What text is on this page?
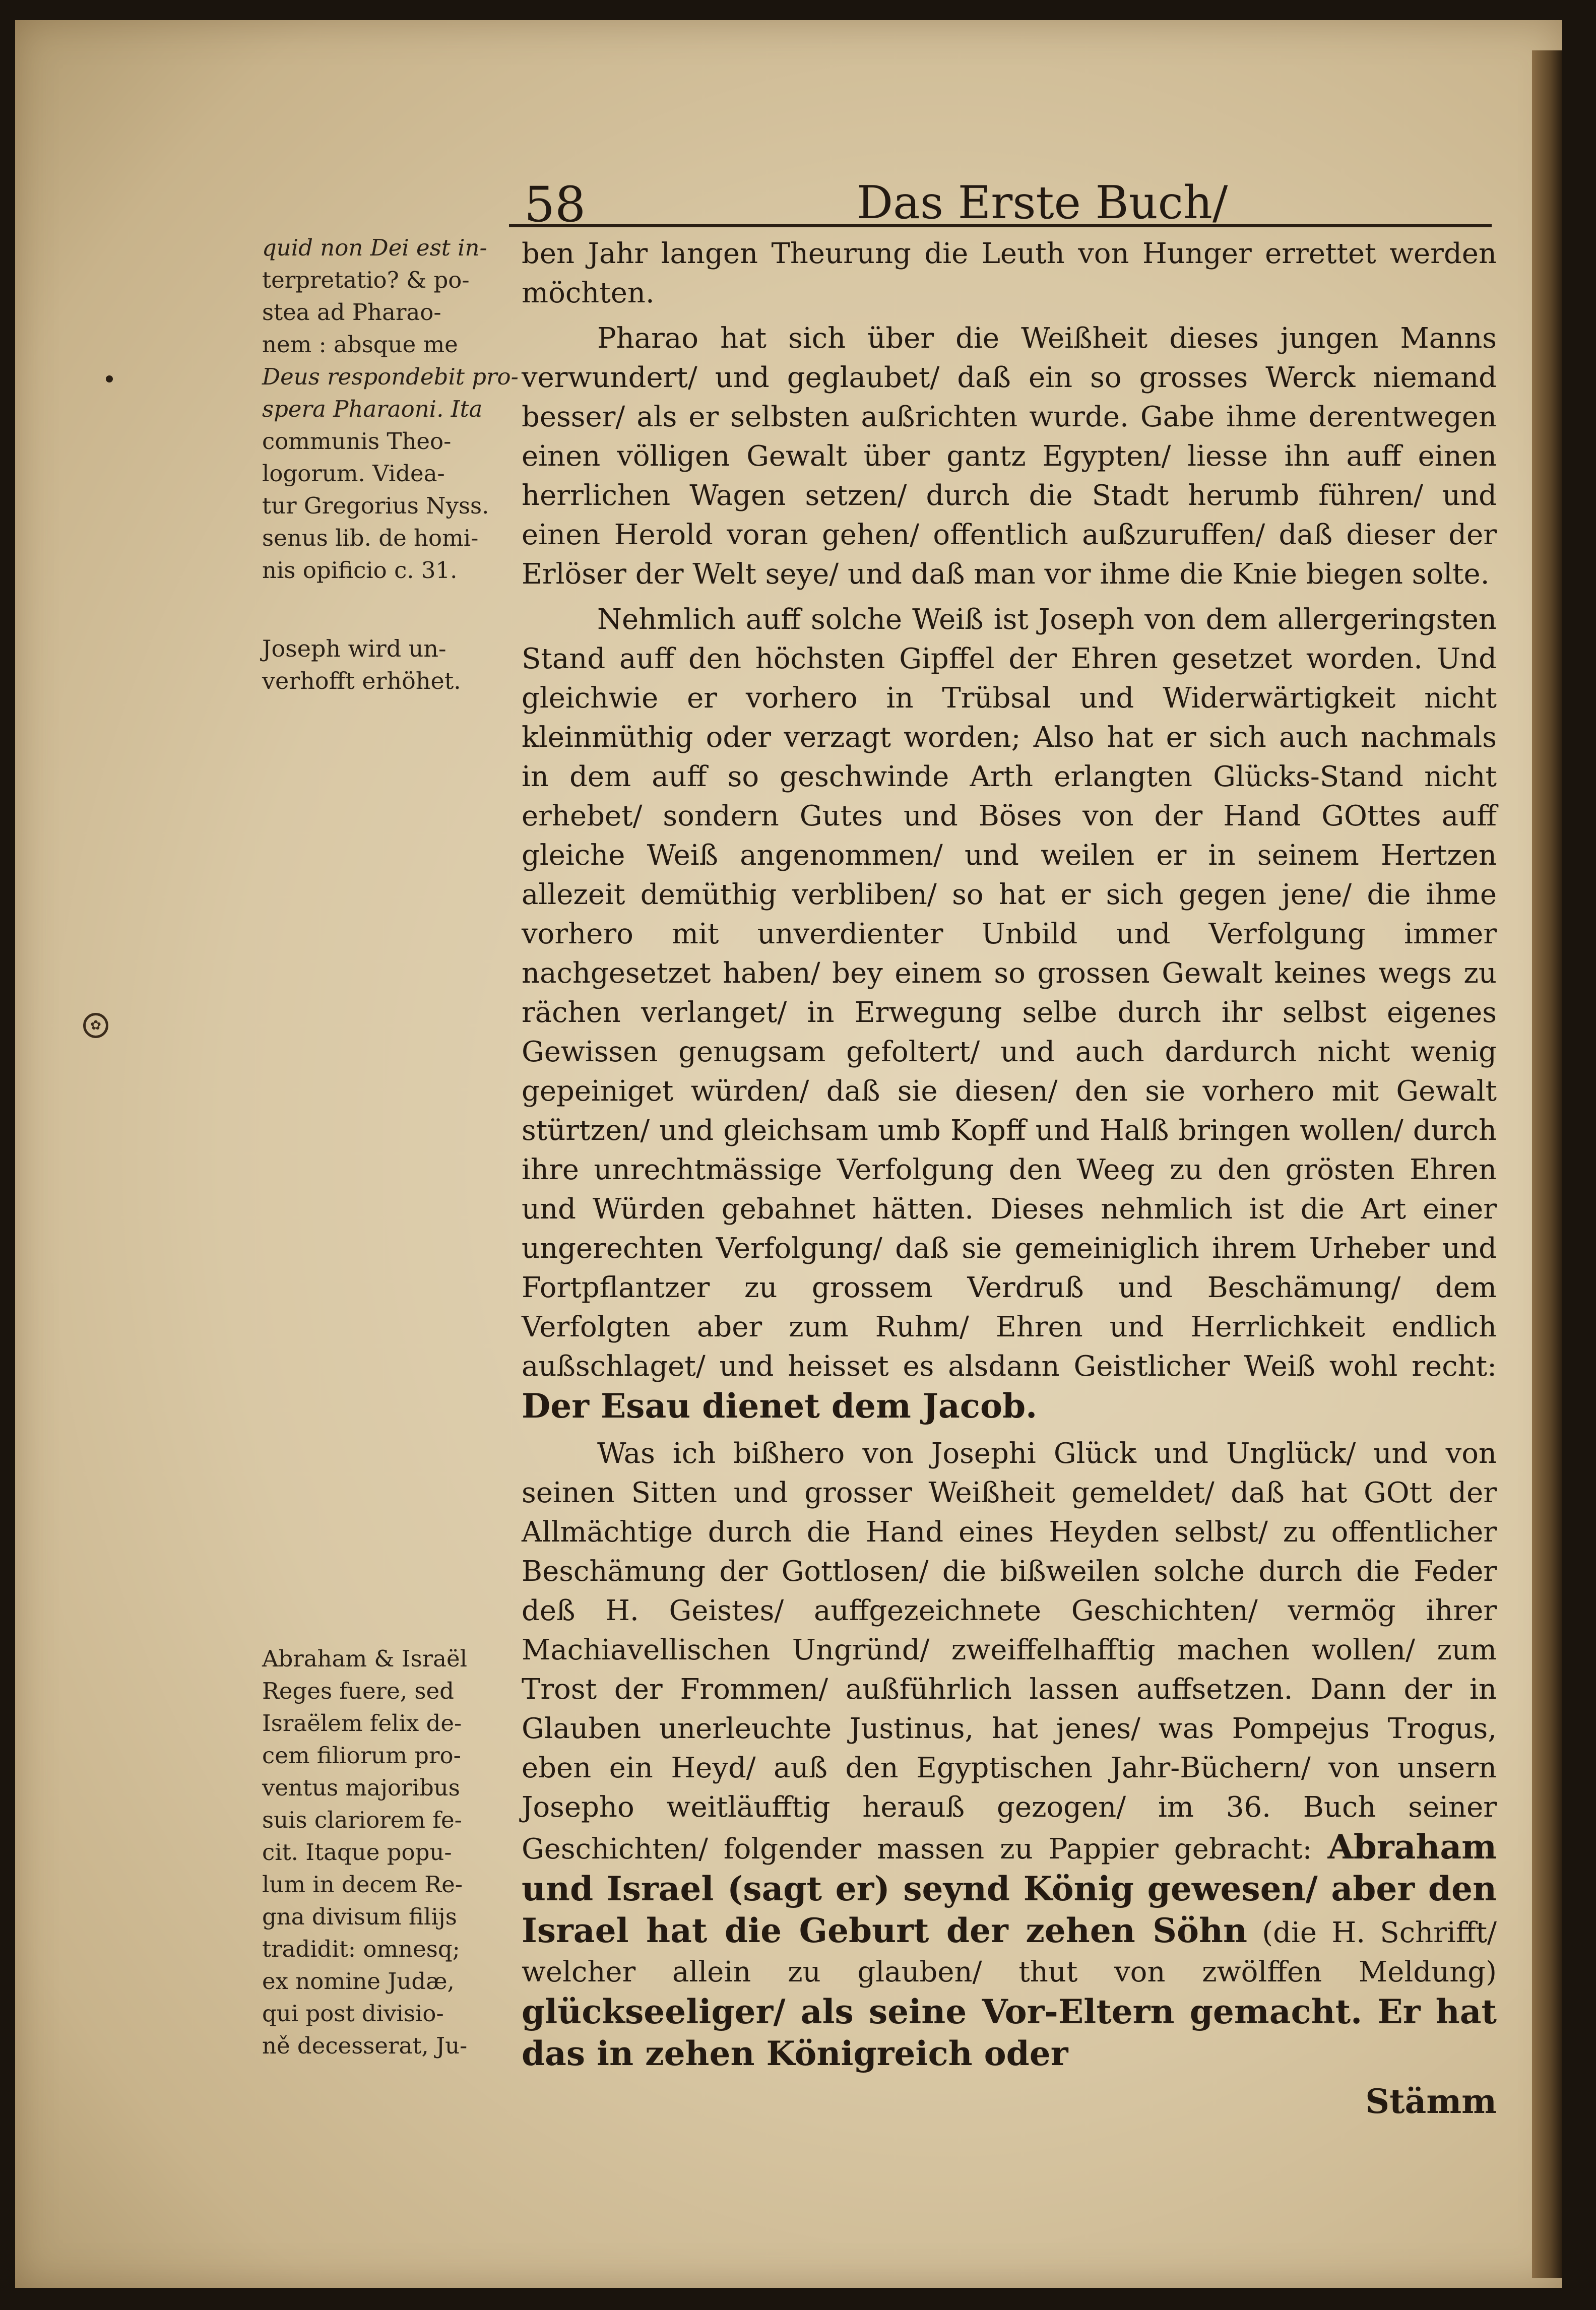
✿
58	Das Erste Buch/
quid non Dei est in-
terpretatio? & po-
stea ad Pharao-
nem : absque me
Deus respondebit pro-
spera Pharaoni. Ita
communis Theo-
logorum. Videa-
tur Gregorius Nyss.
senus lib. de homi-
nis opificio c. 31.
Joseph wird un-
verhofft erhöhet.
Abraham & Israël
Reges fuere, sed
Israëlem felix de-
cem filiorum pro-
ventus majoribus
suis clariorem fe-
cit. Itaque popu-
lum in decem Re-
gna divisum filijs
tradidit: omnesq;
ex nomine Judæ,
qui post divisio-
ně decesserat, Ju-

ben Jahr langen Theurung die Leuth von Hunger errettet werden möchten.

Pharao hat sich über die Weißheit dieses jungen Manns verwundert/ und geglaubet/ daß ein so grosses Werck niemand besser/ als er selbsten außrichten wurde. Gabe ihme derentwegen einen völligen Gewalt über gantz Egypten/ liesse ihn auff einen herrlichen Wagen setzen/ durch die Stadt herumb führen/ und einen Herold voran gehen/ offentlich außzuruffen/ daß dieser der Erlöser der Welt seye/ und daß man vor ihme die Knie biegen solte.

Nehmlich auff solche Weiß ist Joseph von dem allergeringsten Stand auff den höchsten Gipffel der Ehren gesetzet worden. Und gleichwie er vorhero in Trübsal und Widerwärtigkeit nicht kleinmüthig oder verzagt worden; Also hat er sich auch nachmals in dem auff so geschwinde Arth erlangten Glücks-Stand nicht erhebet/ sondern Gutes und Böses von der Hand GOttes auff gleiche Weiß angenommen/ und weilen er in seinem Hertzen allezeit demüthig verbliben/ so hat er sich gegen jene/ die ihme vorhero mit unverdienter Unbild und Verfolgung immer nachgesetzet haben/ bey einem so grossen Gewalt keines wegs zu rächen verlanget/ in Erwegung selbe durch ihr selbst eigenes Gewissen genugsam gefoltert/ und auch dardurch nicht wenig gepeiniget würden/ daß sie diesen/ den sie vorhero mit Gewalt stürtzen/ und gleichsam umb Kopff und Halß bringen wollen/ durch ihre unrechtmässige Verfolgung den Weeg zu den grösten Ehren und Würden gebahnet hätten. Dieses nehmlich ist die Art einer ungerechten Verfolgung/ daß sie gemeiniglich ihrem Urheber und Fortpflantzer zu grossem Verdruß und Beschämung/ dem Verfolgten aber zum Ruhm/ Ehren und Herrlichkeit endlich außschlaget/ und heisset es alsdann Geistlicher Weiß wohl recht: Der Esau dienet dem Jacob.

Was ich bißhero von Josephi Glück und Unglück/ und von seinen Sitten und grosser Weißheit gemeldet/ daß hat GOtt der Allmächtige durch die Hand eines Heyden selbst/ zu offentlicher Beschämung der Gottlosen/ die bißweilen solche durch die Feder deß H. Geistes/ auffgezeichnete Geschichten/ vermög ihrer Machiavellischen Ungründ/ zweiffelhafftig machen wollen/ zum Trost der Frommen/ außführlich lassen auffsetzen. Dann der in Glauben unerleuchte Justinus, hat jenes/ was Pompejus Trogus, eben ein Heyd/ auß den Egyptischen Jahr-Büchern/ von unsern Josepho weitläufftig herauß gezogen/ im 36. Buch seiner Geschichten/ folgender massen zu Pappier gebracht: Abraham und Israel (sagt er) seynd König gewesen/ aber den Israel hat die Geburt der zehen Söhn (die H. Schrifft/ welcher allein zu glauben/ thut von zwölffen Meldung) glückseeliger/ als seine Vor-Eltern gemacht. Er hat das in zehen Königreich oder

Stämm
